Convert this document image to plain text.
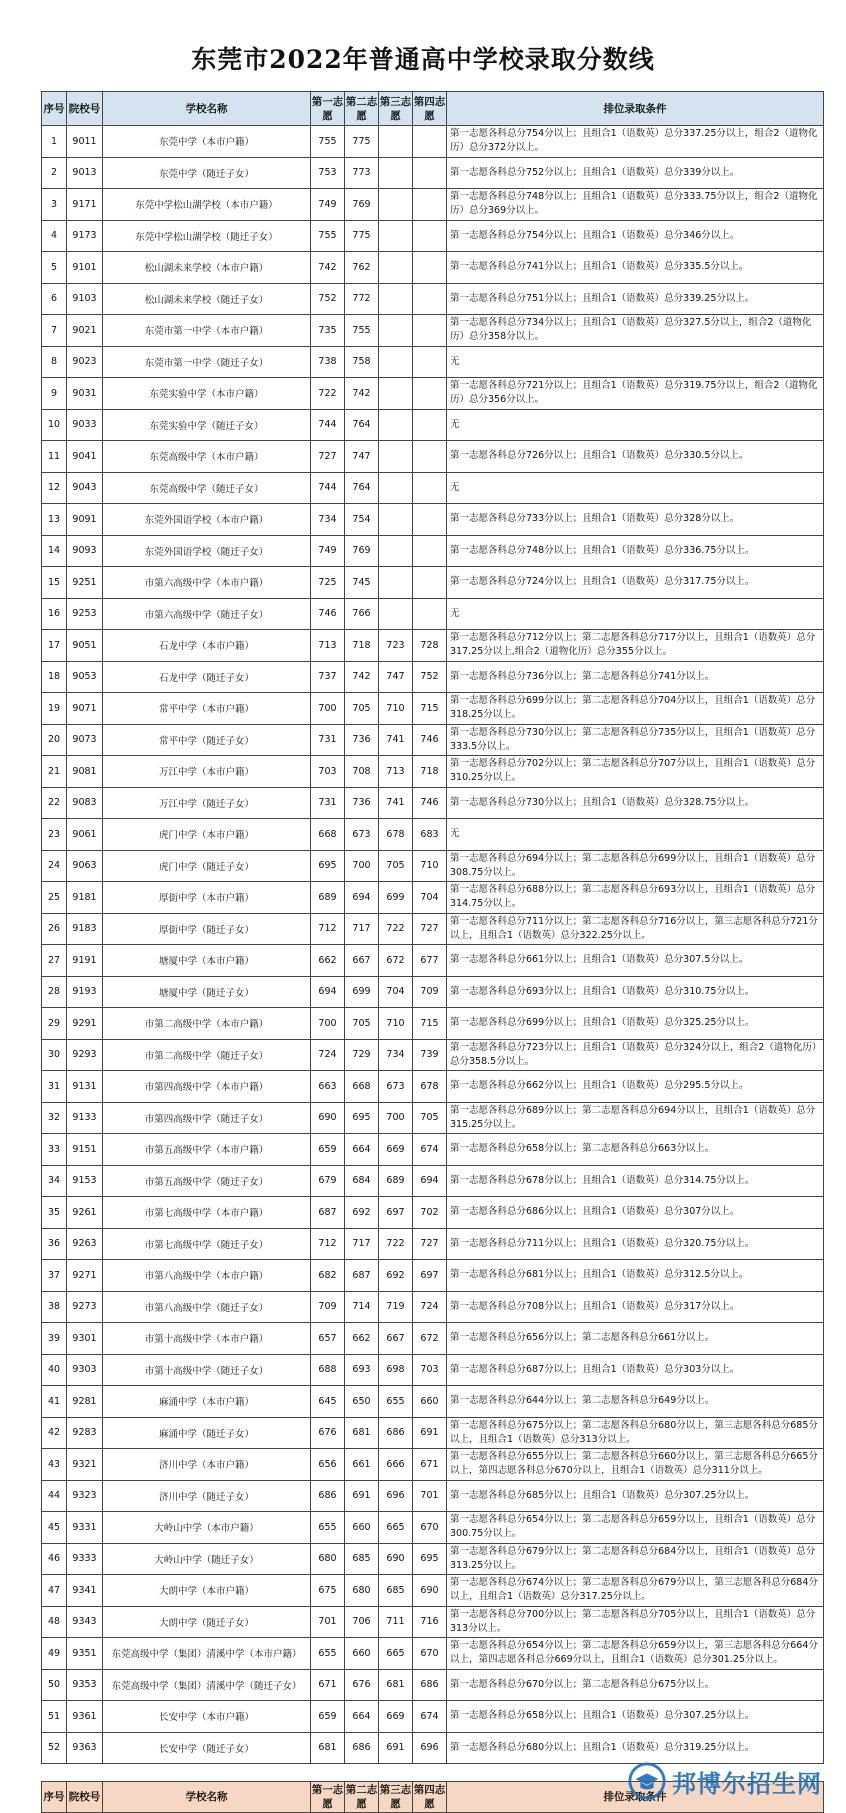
东莞市2022年普通高中学校录取分数线
序号	院校号	学校名称	第一志愿	第二志愿	第三志愿	第四志愿	排位录取条件
1	9011	东莞中学（本市户籍）	755	775			第一志愿各科总分754分以上；且组合1（语数英）总分337.25分以上，组合2（道物化历）总分372分以上。
2	9013	东莞中学（随迁子女）	753	773			第一志愿各科总分752分以上；且组合1（语数英）总分339分以上。
3	9171	东莞中学松山湖学校（本市户籍）	749	769			第一志愿各科总分748分以上；且组合1（语数英）总分333.75分以上，组合2（道物化历）总分369分以上。
4	9173	东莞中学松山湖学校（随迁子女）	755	775			第一志愿各科总分754分以上；且组合1（语数英）总分346分以上。
5	9101	松山湖未来学校（本市户籍）	742	762			第一志愿各科总分741分以上；且组合1（语数英）总分335.5分以上。
6	9103	松山湖未来学校（随迁子女）	752	772			第一志愿各科总分751分以上；且组合1（语数英）总分339.25分以上。
7	9021	东莞市第一中学（本市户籍）	735	755			第一志愿各科总分734分以上；且组合1（语数英）总分327.5分以上，组合2（道物化历）总分358分以上。
8	9023	东莞市第一中学（随迁子女）	738	758			无
9	9031	东莞实验中学（本市户籍）	722	742			第一志愿各科总分721分以上；且组合1（语数英）总分319.75分以上，组合2（道物化历）总分356分以上。
10	9033	东莞实验中学（随迁子女）	744	764			无
11	9041	东莞高级中学（本市户籍）	727	747			第一志愿各科总分726分以上；且组合1（语数英）总分330.5分以上。
12	9043	东莞高级中学（随迁子女）	744	764			无
13	9091	东莞外国语学校（本市户籍）	734	754			第一志愿各科总分733分以上；且组合1（语数英）总分328分以上。
14	9093	东莞外国语学校（随迁子女）	749	769			第一志愿各科总分748分以上；且组合1（语数英）总分336.75分以上。
15	9251	市第六高级中学（本市户籍）	725	745			第一志愿各科总分724分以上；且组合1（语数英）总分317.75分以上。
16	9253	市第六高级中学（随迁子女）	746	766			无
17	9051	石龙中学（本市户籍）	713	718	723	728	第一志愿各科总分712分以上；第二志愿各科总分717分以上，且组合1（语数英）总分317.25分以上,组合2（道物化历）总分355分以上。
18	9053	石龙中学（随迁子女）	737	742	747	752	第一志愿各科总分736分以上；第二志愿各科总分741分以上。
19	9071	常平中学（本市户籍）	700	705	710	715	第一志愿各科总分699分以上；第二志愿各科总分704分以上，且组合1（语数英）总分318.25分以上。
20	9073	常平中学（随迁子女）	731	736	741	746	第一志愿各科总分730分以上；第二志愿各科总分735分以上，且组合1（语数英）总分333.5分以上。
21	9081	万江中学（本市户籍）	703	708	713	718	第一志愿各科总分702分以上；第二志愿各科总分707分以上，且组合1（语数英）总分310.25分以上。
22	9083	万江中学（随迁子女）	731	736	741	746	第一志愿各科总分730分以上；且组合1（语数英）总分328.75分以上。
23	9061	虎门中学（本市户籍）	668	673	678	683	无
24	9063	虎门中学（随迁子女）	695	700	705	710	第一志愿各科总分694分以上；第二志愿各科总分699分以上，且组合1（语数英）总分308.75分以上。
25	9181	厚街中学（本市户籍）	689	694	699	704	第一志愿各科总分688分以上；第二志愿各科总分693分以上，且组合1（语数英）总分314.75分以上。
26	9183	厚街中学（随迁子女）	712	717	722	727	第一志愿各科总分711分以上；第二志愿各科总分716分以上，第三志愿各科总分721分以上，且组合1（语数英）总分322.25分以上。
27	9191	塘厦中学（本市户籍）	662	667	672	677	第一志愿各科总分661分以上；且组合1（语数英）总分307.5分以上。
28	9193	塘厦中学（随迁子女）	694	699	704	709	第一志愿各科总分693分以上；且组合1（语数英）总分310.75分以上。
29	9291	市第二高级中学（本市户籍）	700	705	710	715	第一志愿各科总分699分以上；且组合1（语数英）总分325.25分以上。
30	9293	市第二高级中学（随迁子女）	724	729	734	739	第一志愿各科总分723分以上；且组合1（语数英）总分324分以上，组合2（道物化历）总分358.5分以上。
31	9131	市第四高级中学（本市户籍）	663	668	673	678	第一志愿各科总分662分以上；且组合1（语数英）总分295.5分以上。
32	9133	市第四高级中学（随迁子女）	690	695	700	705	第一志愿各科总分689分以上；第二志愿各科总分694分以上，且组合1（语数英）总分315.25分以上。
33	9151	市第五高级中学（本市户籍）	659	664	669	674	第一志愿各科总分658分以上；第二志愿各科总分663分以上。
34	9153	市第五高级中学（随迁子女）	679	684	689	694	第一志愿各科总分678分以上；且组合1（语数英）总分314.75分以上。
35	9261	市第七高级中学（本市户籍）	687	692	697	702	第一志愿各科总分686分以上；且组合1（语数英）总分307分以上。
36	9263	市第七高级中学（随迁子女）	712	717	722	727	第一志愿各科总分711分以上；且组合1（语数英）总分320.75分以上。
37	9271	市第八高级中学（本市户籍）	682	687	692	697	第一志愿各科总分681分以上；且组合1（语数英）总分312.5分以上。
38	9273	市第八高级中学（随迁子女）	709	714	719	724	第一志愿各科总分708分以上；且组合1（语数英）总分317分以上。
39	9301	市第十高级中学（本市户籍）	657	662	667	672	第一志愿各科总分656分以上；第二志愿各科总分661分以上。
40	9303	市第十高级中学（随迁子女）	688	693	698	703	第一志愿各科总分687分以上；且组合1（语数英）总分303分以上。
41	9281	麻涌中学（本市户籍）	645	650	655	660	第一志愿各科总分644分以上；第二志愿各科总分649分以上。
42	9283	麻涌中学（随迁子女）	676	681	686	691	第一志愿各科总分675分以上；第二志愿各科总分680分以上，第三志愿各科总分685分以上，且组合1（语数英）总分313分以上。
43	9321	济川中学（本市户籍）	656	661	666	671	第一志愿各科总分655分以上；第二志愿各科总分660分以上，第三志愿各科总分665分以上，第四志愿各科总分670分以上，且组合1（语数英）总分311分以上。
44	9323	济川中学（随迁子女）	686	691	696	701	第一志愿各科总分685分以上；且组合1（语数英）总分307.25分以上。
45	9331	大岭山中学（本市户籍）	655	660	665	670	第一志愿各科总分654分以上；第二志愿各科总分659分以上，且组合1（语数英）总分300.75分以上。
46	9333	大岭山中学（随迁子女）	680	685	690	695	第一志愿各科总分679分以上；第二志愿各科总分684分以上，且组合1（语数英）总分313.25分以上。
47	9341	大朗中学（本市户籍）	675	680	685	690	第一志愿各科总分674分以上；第二志愿各科总分679分以上，第三志愿各科总分684分以上，且组合1（语数英）总分317.25分以上。
48	9343	大朗中学（随迁子女）	701	706	711	716	第一志愿各科总分700分以上；第二志愿各科总分705分以上，且组合1（语数英）总分313分以上。
49	9351	东莞高级中学（集团）清溪中学（本市户籍）	655	660	665	670	第一志愿各科总分654分以上；第二志愿各科总分659分以上，第三志愿各科总分664分以上，第四志愿各科总分669分以上，且组合1（语数英）总分301.25分以上。
50	9353	东莞高级中学（集团）清溪中学（随迁子女）	671	676	681	686	第一志愿各科总分670分以上；第二志愿各科总分675分以上。
51	9361	长安中学（本市户籍）	659	664	669	674	第一志愿各科总分658分以上；且组合1（语数英）总分307.25分以上。
52	9363	长安中学（随迁子女）	681	686	691	696	第一志愿各科总分680分以上；且组合1（语数英）总分319.25分以上。
序号	院校号	学校名称	第一志愿	第二志愿	第三志愿	第四志愿	排位录取条件 邦博尔招生网
